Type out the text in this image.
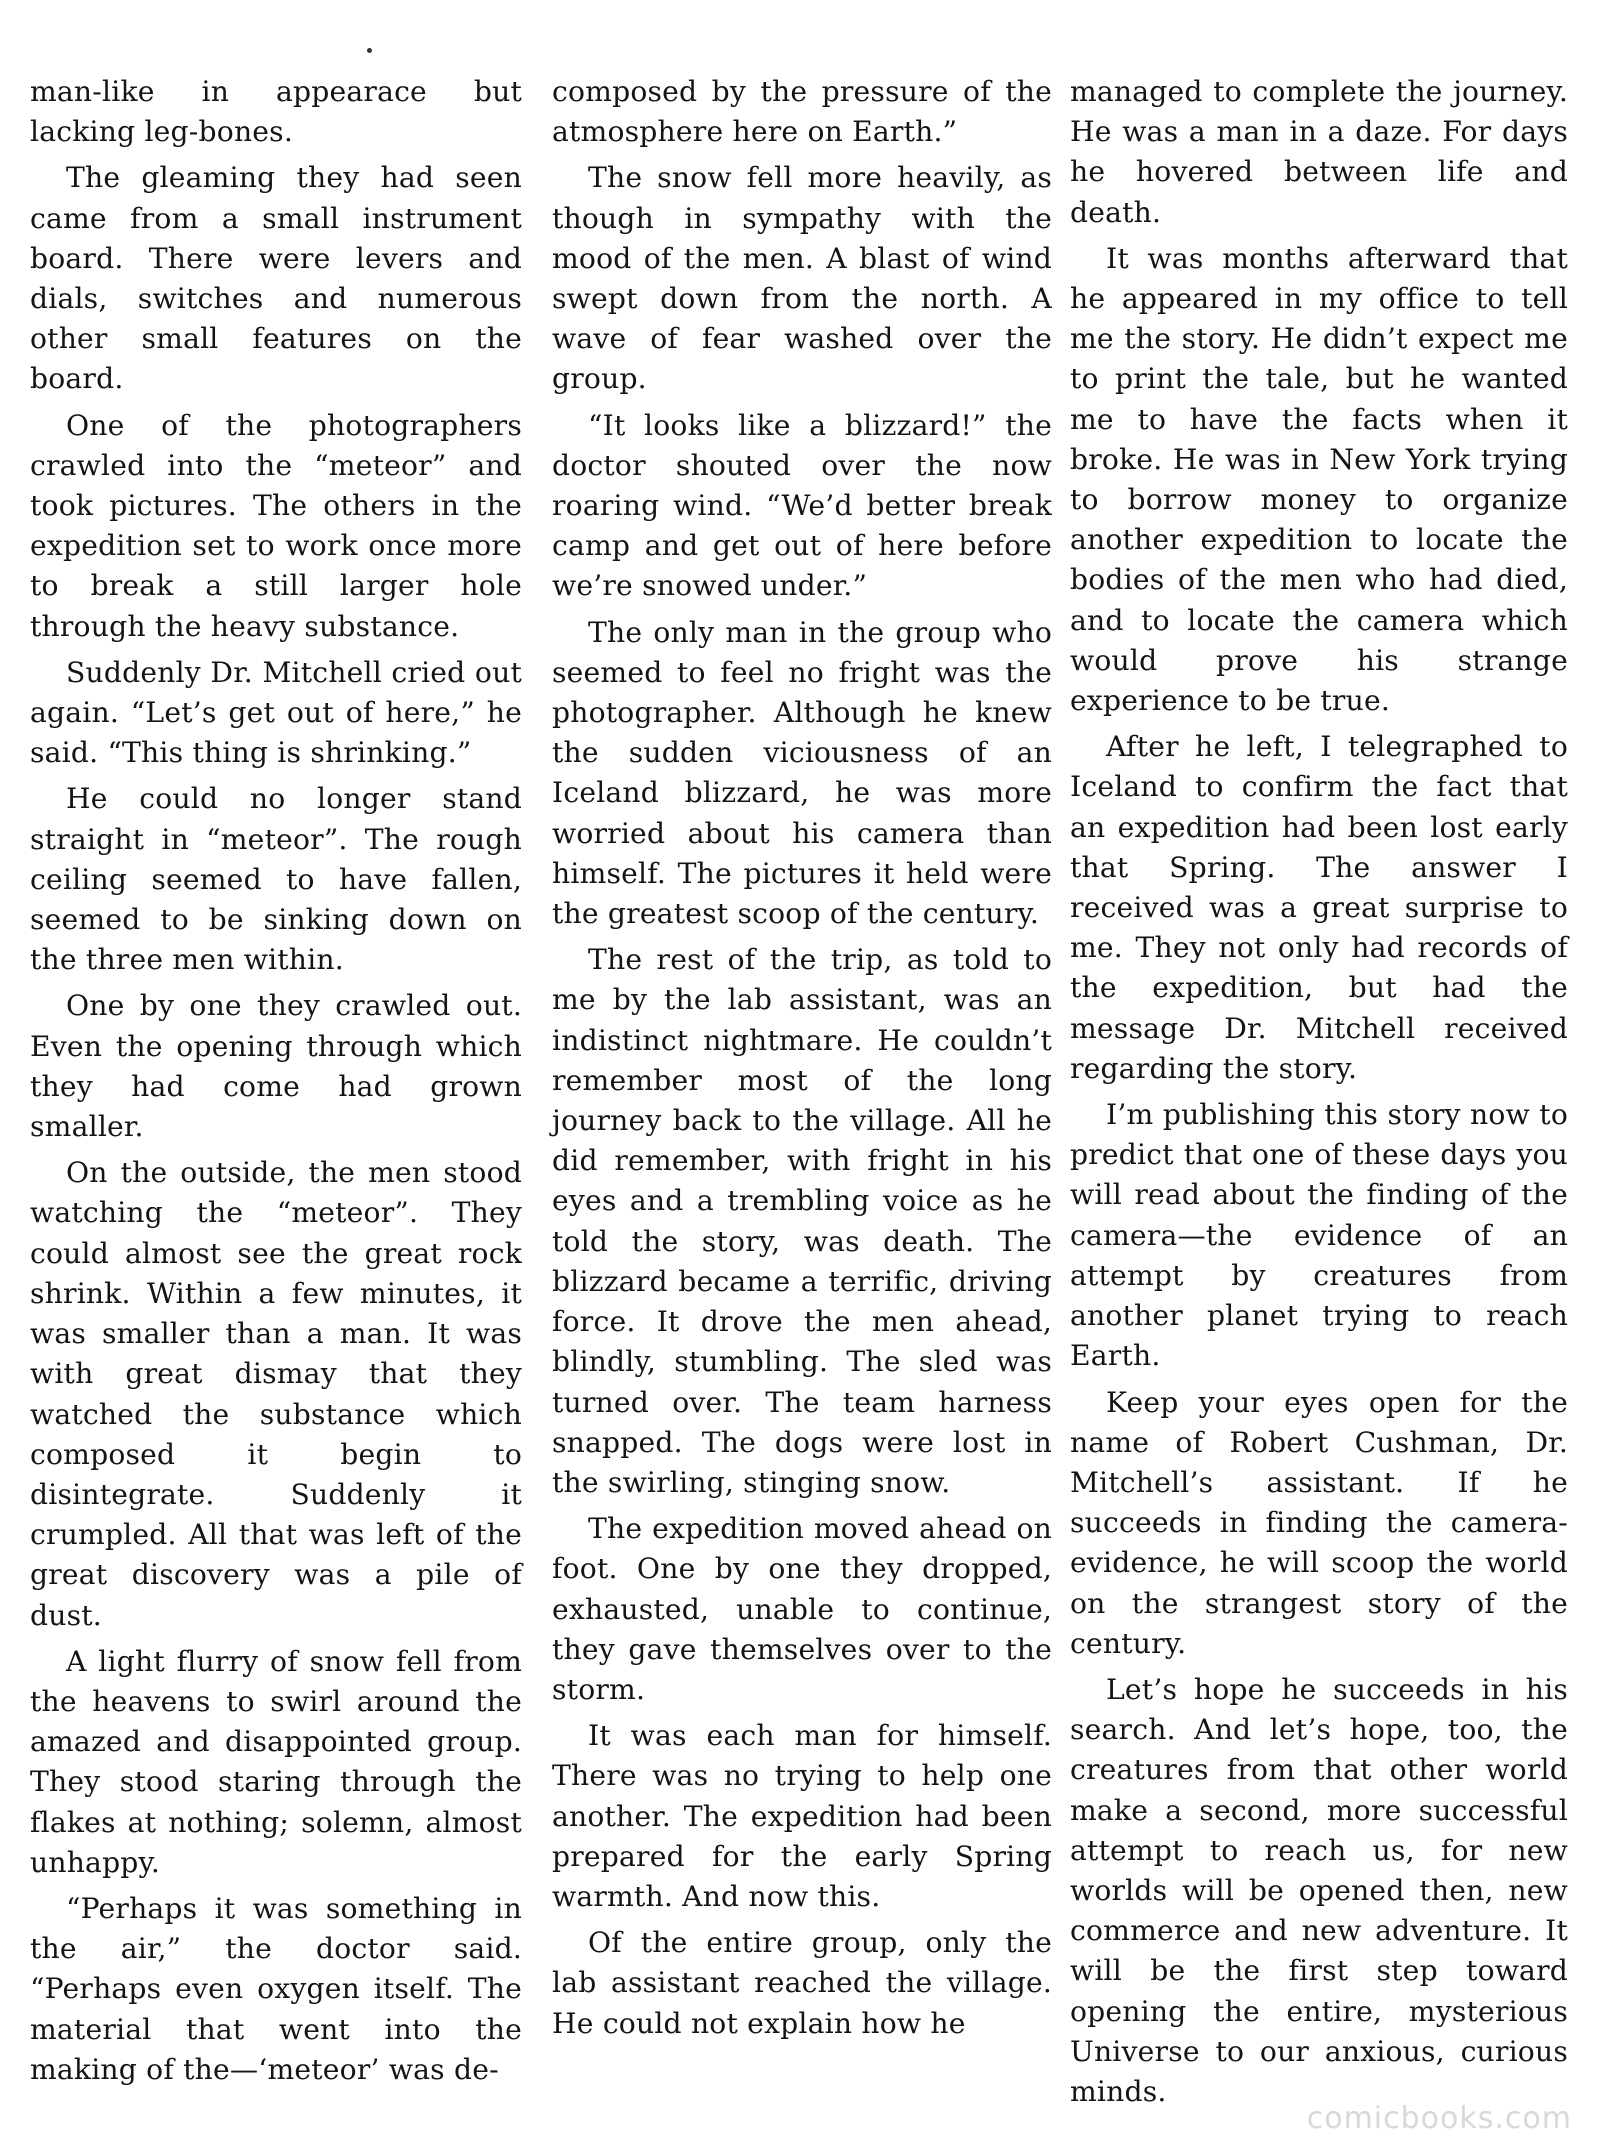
man-like in appearace but lacking leg-bones.

The gleaming they had seen came from a small instrument board. There were levers and dials, switches and numerous other small features on the board.

One of the photographers crawled into the “meteor” and took pictures. The others in the expedition set to work once more to break a still larger hole through the heavy substance.

Suddenly Dr. Mitchell cried out again. “Let’s get out of here,” he said. “This thing is shrinking.”

He could no longer stand straight in “meteor”. The rough ceiling seemed to have fallen, seemed to be sinking down on the three men within.

One by one they crawled out. Even the opening through which they had come had grown smaller.

On the outside, the men stood watching the “meteor”. They could almost see the great rock shrink. Within a few minutes, it was smaller than a man. It was with great dismay that they watched the substance which composed it begin to disintegrate. Suddenly it crumpled. All that was left of the great discovery was a pile of dust.

A light flurry of snow fell from the heavens to swirl around the amazed and disappointed group. They stood staring through the flakes at nothing; solemn, almost unhappy.

“Perhaps it was something in the air,” the doctor said. “Perhaps even oxygen itself. The material that went into the making of the—‘meteor’ was de-

composed by the pressure of the atmosphere here on Earth.”

The snow fell more heavily, as though in sympathy with the mood of the men. A blast of wind swept down from the north. A wave of fear washed over the group.

“It looks like a blizzard!” the doctor shouted over the now roaring wind. “We’d better break camp and get out of here before we’re snowed under.”

The only man in the group who seemed to feel no fright was the photographer. Although he knew the sudden viciousness of an Iceland blizzard, he was more worried about his camera than himself. The pictures it held were the greatest scoop of the century.

The rest of the trip, as told to me by the lab assistant, was an indistinct nightmare. He couldn’t remember most of the long journey back to the village. All he did remember, with fright in his eyes and a trembling voice as he told the story, was death. The blizzard became a terrific, driving force. It drove the men ahead, blindly, stumbling. The sled was turned over. The team harness snapped. The dogs were lost in the swirling, stinging snow.

The expedition moved ahead on foot. One by one they dropped, exhausted, unable to continue, they gave themselves over to the storm.

It was each man for himself. There was no trying to help one another. The expedition had been prepared for the early Spring warmth. And now this.

Of the entire group, only the lab assistant reached the village. He could not explain how he

managed to complete the journey. He was a man in a daze. For days he hovered between life and death.

It was months afterward that he appeared in my office to tell me the story. He didn’t expect me to print the tale, but he wanted me to have the facts when it broke. He was in New York trying to borrow money to organize another expedition to locate the bodies of the men who had died, and to locate the camera which would prove his strange experience to be true.

After he left, I telegraphed to Iceland to confirm the fact that an expedition had been lost early that Spring. The answer I received was a great surprise to me. They not only had records of the expedition, but had the message Dr. Mitchell received regarding the story.

I’m publishing this story now to predict that one of these days you will read about the finding of the camera—the evidence of an attempt by creatures from another planet trying to reach Earth.

Keep your eyes open for the name of Robert Cushman, Dr. Mitchell’s assistant. If he succeeds in finding the camera-evidence, he will scoop the world on the strangest story of the century.

Let’s hope he succeeds in his search. And let’s hope, too, the creatures from that other world make a second, more successful attempt to reach us, for new worlds will be opened then, new commerce and new adventure. It will be the first step toward opening the entire, mysterious Universe to our anxious, curious minds.

comicbooks.com
